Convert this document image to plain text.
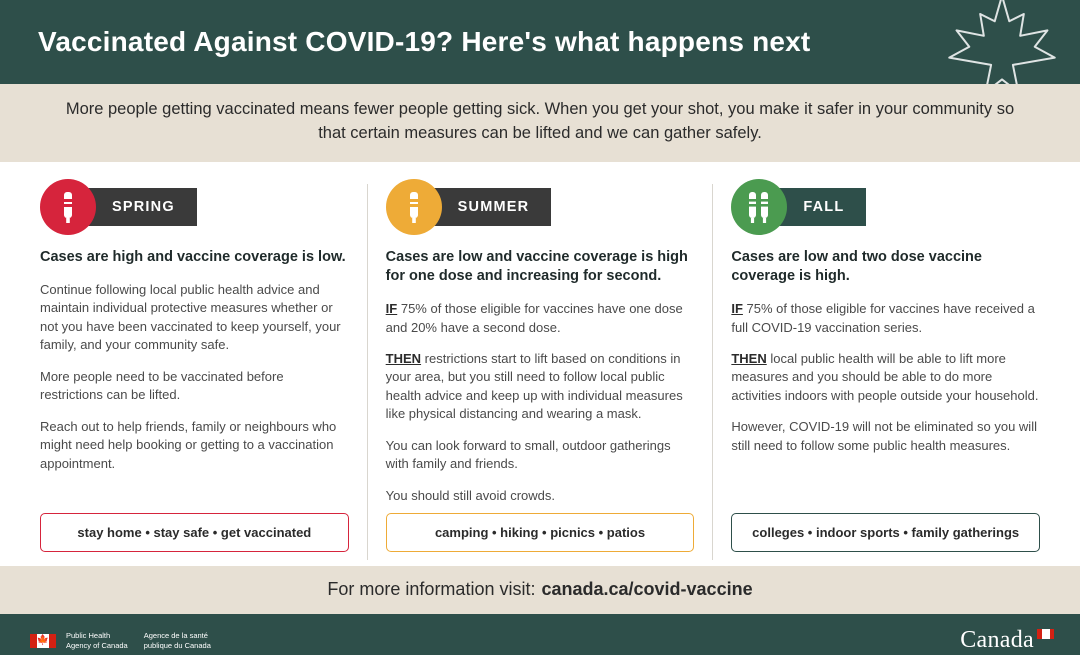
Vaccinated Against COVID-19? Here's what happens next

More people getting vaccinated means fewer people getting sick. When you get your shot, you make it safer in your community so that certain measures can be lifted and we can gather safely.

SPRING
Cases are high and vaccine coverage is low.
Continue following local public health advice and maintain individual protective measures whether or not you have been vaccinated to keep yourself, your family, and your community safe.
More people need to be vaccinated before restrictions can be lifted.
Reach out to help friends, family or neighbours who might need help booking or getting to a vaccination appointment.
stay home • stay safe • get vaccinated
SUMMER
Cases are low and vaccine coverage is high for one dose and increasing for second.
IF 75% of those eligible for vaccines have one dose and 20% have a second dose.
THEN restrictions start to lift based on conditions in your area, but you still need to follow local public health advice and keep up with individual measures like physical distancing and wearing a mask.
You can look forward to small, outdoor gatherings with family and friends.
You should still avoid crowds.
camping • hiking • picnics • patios
FALL
Cases are low and two dose vaccine coverage is high.
IF 75% of those eligible for vaccines have received a full COVID-19 vaccination series.
THEN local public health will be able to lift more measures and you should be able to do more activities indoors with people outside your household.
However, COVID-19 will not be eliminated so you will still need to follow some public health measures.
colleges • indoor sports • family gatherings
For more information visit: canada.ca/covid-vaccine
🍁 Public Health
Agency of Canada
Agence de la santé
publique du Canada	Canada
